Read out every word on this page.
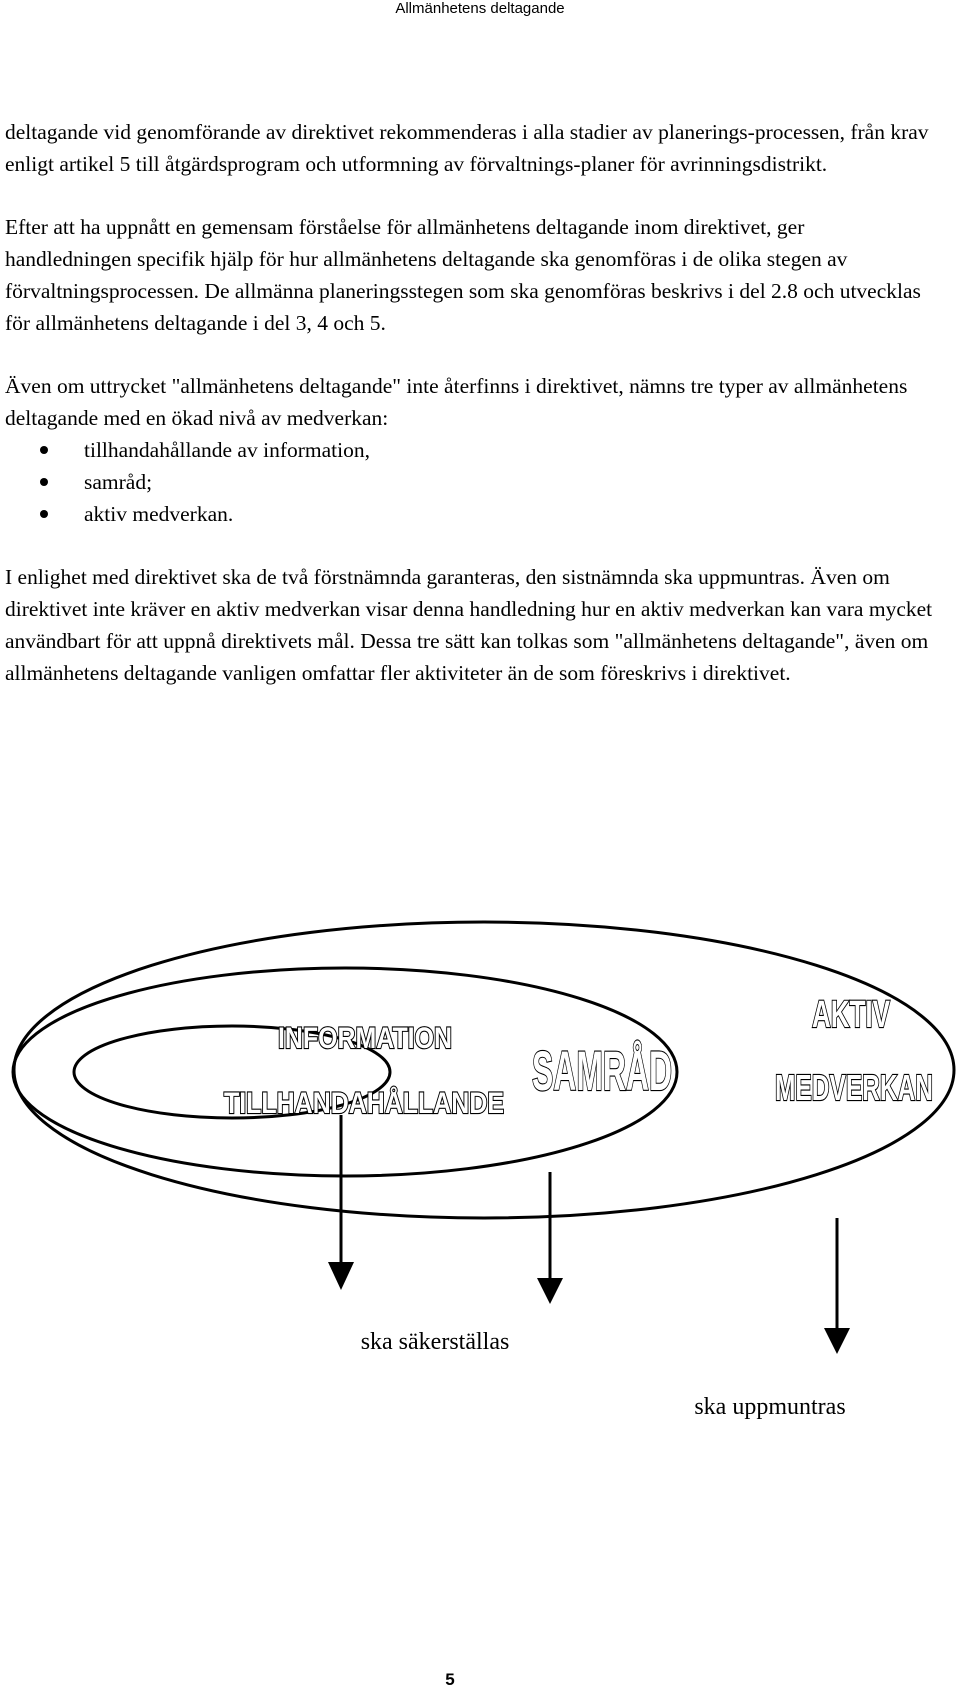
Allmänhetens deltagande

deltagande vid genomförande av direktivet rekommenderas i alla stadier av planerings-processen, från krav enligt artikel 5 till åtgärdsprogram och utformning av förvaltnings-planer för avrinningsdistrikt.

Efter att ha uppnått en gemensam förståelse för allmänhetens deltagande inom direktivet, ger handledningen specifik hjälp för hur allmänhetens deltagande ska genomföras i de olika stegen av förvaltningsprocessen. De allmänna planeringsstegen som ska genomföras beskrivs i del 2.8 och utvecklas för allmänhetens deltagande i del 3, 4 och 5.

Även om uttrycket "allmänhetens deltagande" inte återfinns i direktivet, nämns tre typer av allmänhetens deltagande med en ökad nivå av medverkan:

tillhandahållande av information,
samråd;
aktiv medverkan.

I enlighet med direktivet ska de två förstnämnda garanteras, den sistnämnda ska uppmuntras. Även om direktivet inte kräver en aktiv medverkan visar denna handledning hur en aktiv medverkan kan vara mycket användbart för att uppnå direktivets mål. Dessa tre sätt kan tolkas som "allmänhetens deltagande", även om allmänhetens deltagande vanligen omfattar fler aktiviteter än de som föreskrivs i direktivet.

INFORMATION
TILLHANDAHÅLLANDE
SAMRÅD
AKTIV
MEDVERKAN
ska säkerställas
ska uppmuntras
5
